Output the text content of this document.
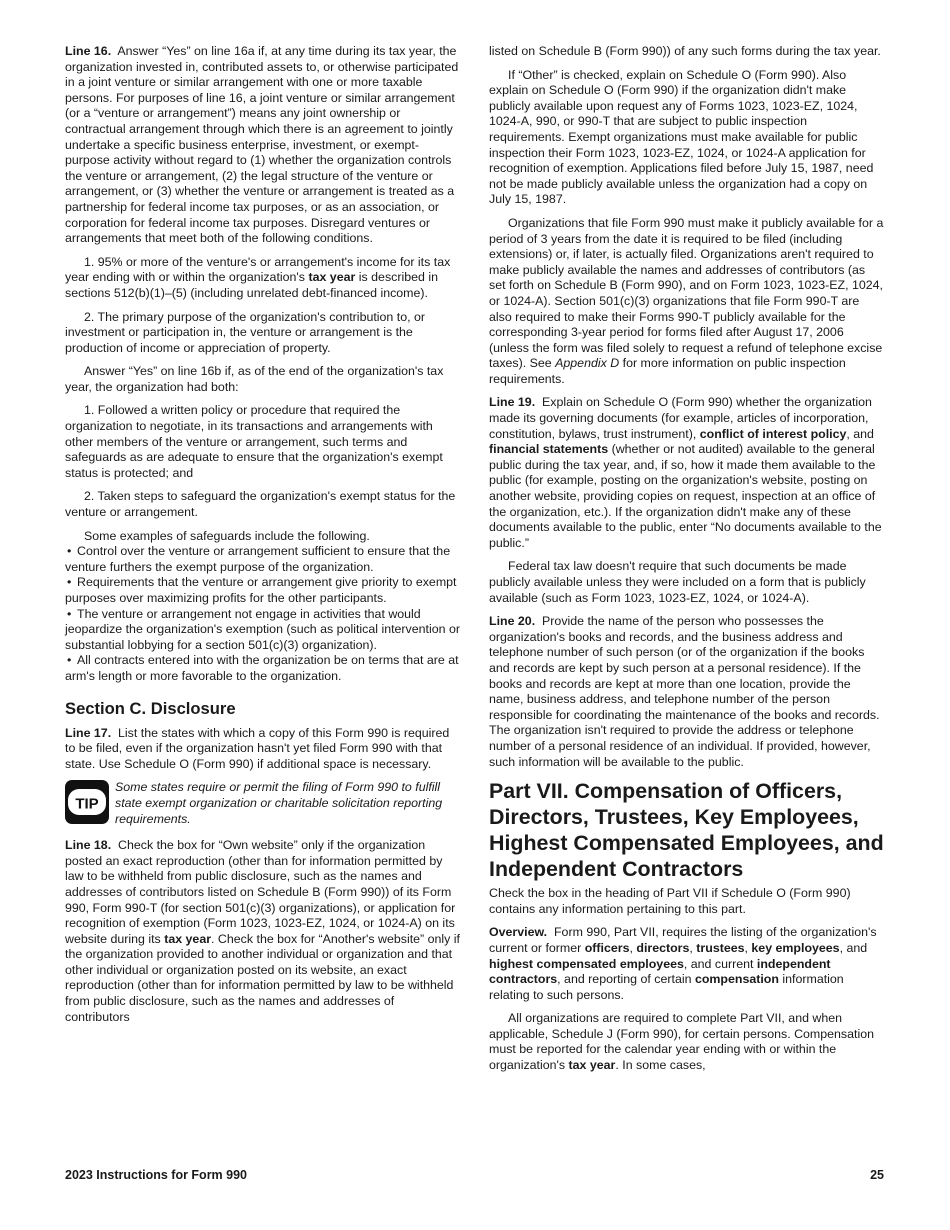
Line 16. Answer “Yes” on line 16a if, at any time during its tax year, the organization invested in, contributed assets to, or otherwise participated in a joint venture or similar arrangement with one or more taxable persons. For purposes of line 16, a joint venture or similar arrangement (or a “venture or arrangement”) means any joint ownership or contractual arrangement through which there is an agreement to jointly undertake a specific business enterprise, investment, or exempt-purpose activity without regard to (1) whether the organization controls the venture or arrangement, (2) the legal structure of the venture or arrangement, or (3) whether the venture or arrangement is treated as a partnership for federal income tax purposes, or as an association, or corporation for federal income tax purposes. Disregard ventures or arrangements that meet both of the following conditions.

1. 95% or more of the venture's or arrangement's income for its tax year ending with or within the organization's tax year is described in sections 512(b)(1)–(5) (including unrelated debt-financed income).

2. The primary purpose of the organization's contribution to, or investment or participation in, the venture or arrangement is the production of income or appreciation of property.

Answer “Yes” on line 16b if, as of the end of the organization's tax year, the organization had both:

1. Followed a written policy or procedure that required the organization to negotiate, in its transactions and arrangements with other members of the venture or arrangement, such terms and safeguards as are adequate to ensure that the organization's exempt status is protected; and

2. Taken steps to safeguard the organization's exempt status for the venture or arrangement.

Some examples of safeguards include the following.

• Control over the venture or arrangement sufficient to ensure that the venture furthers the exempt purpose of the organization.
• Requirements that the venture or arrangement give priority to exempt purposes over maximizing profits for the other participants.
• The venture or arrangement not engage in activities that would jeopardize the organization's exemption (such as political intervention or substantial lobbying for a section 501(c)(3) organization).
• All contracts entered into with the organization be on terms that are at arm's length or more favorable to the organization.
Section C. Disclosure

Line 17. List the states with which a copy of this Form 990 is required to be filed, even if the organization hasn't yet filed Form 990 with that state. Use Schedule O (Form 990) if additional space is necessary.

TIP
Some states require or permit the filing of Form 990 to fulfill state exempt organization or charitable solicitation reporting requirements.

Line 18. Check the box for “Own website” only if the organization posted an exact reproduction (other than for information permitted by law to be withheld from public disclosure, such as the names and addresses of contributors listed on Schedule B (Form 990)) of its Form 990, Form 990-T (for section 501(c)(3) organizations), or application for recognition of exemption (Form 1023, 1023-EZ, 1024, or 1024-A) on its website during its tax year. Check the box for “Another's website” only if the organization provided to another individual or organization and that other individual or organization posted on its website, an exact reproduction (other than for information permitted by law to be withheld from public disclosure, such as the names and addresses of contributors

listed on Schedule B (Form 990)) of any such forms during the tax year.

If “Other” is checked, explain on Schedule O (Form 990). Also explain on Schedule O (Form 990) if the organization didn't make publicly available upon request any of Forms 1023, 1023-EZ, 1024, 1024-A, 990, or 990-T that are subject to public inspection requirements. Exempt organizations must make available for public inspection their Form 1023, 1023-EZ, 1024, or 1024-A application for recognition of exemption. Applications filed before July 15, 1987, need not be made publicly available unless the organization had a copy on July 15, 1987.

Organizations that file Form 990 must make it publicly available for a period of 3 years from the date it is required to be filed (including extensions) or, if later, is actually filed. Organizations aren't required to make publicly available the names and addresses of contributors (as set forth on Schedule B (Form 990), and on Form 1023, 1023-EZ, 1024, or 1024-A). Section 501(c)(3) organizations that file Form 990-T are also required to make their Forms 990-T publicly available for the corresponding 3-year period for forms filed after August 17, 2006 (unless the form was filed solely to request a refund of telephone excise taxes). See Appendix D for more information on public inspection requirements.

Line 19. Explain on Schedule O (Form 990) whether the organization made its governing documents (for example, articles of incorporation, constitution, bylaws, trust instrument), conflict of interest policy, and financial statements (whether or not audited) available to the general public during the tax year, and, if so, how it made them available to the public (for example, posting on the organization's website, posting on another website, providing copies on request, inspection at an office of the organization, etc.). If the organization didn't make any of these documents available to the public, enter “No documents available to the public.”

Federal tax law doesn't require that such documents be made publicly available unless they were included on a form that is publicly available (such as Form 1023, 1023-EZ, 1024, or 1024-A).

Line 20. Provide the name of the person who possesses the organization's books and records, and the business address and telephone number of such person (or of the organization if the books and records are kept by such person at a personal residence). If the books and records are kept at more than one location, provide the name, business address, and telephone number of the person responsible for coordinating the maintenance of the books and records. The organization isn't required to provide the address or telephone number of a personal residence of an individual. If provided, however, such information will be available to the public.

Part VII. Compensation of Officers, Directors, Trustees, Key Employees, Highest Compensated Employees, and Independent Contractors

Check the box in the heading of Part VII if Schedule O (Form 990) contains any information pertaining to this part.

Overview. Form 990, Part VII, requires the listing of the organization's current or former officers, directors, trustees, key employees, and highest compensated employees, and current independent contractors, and reporting of certain compensation information relating to such persons.

All organizations are required to complete Part VII, and when applicable, Schedule J (Form 990), for certain persons. Compensation must be reported for the calendar year ending with or within the organization's tax year. In some cases,

2023 Instructions for Form 990	25
